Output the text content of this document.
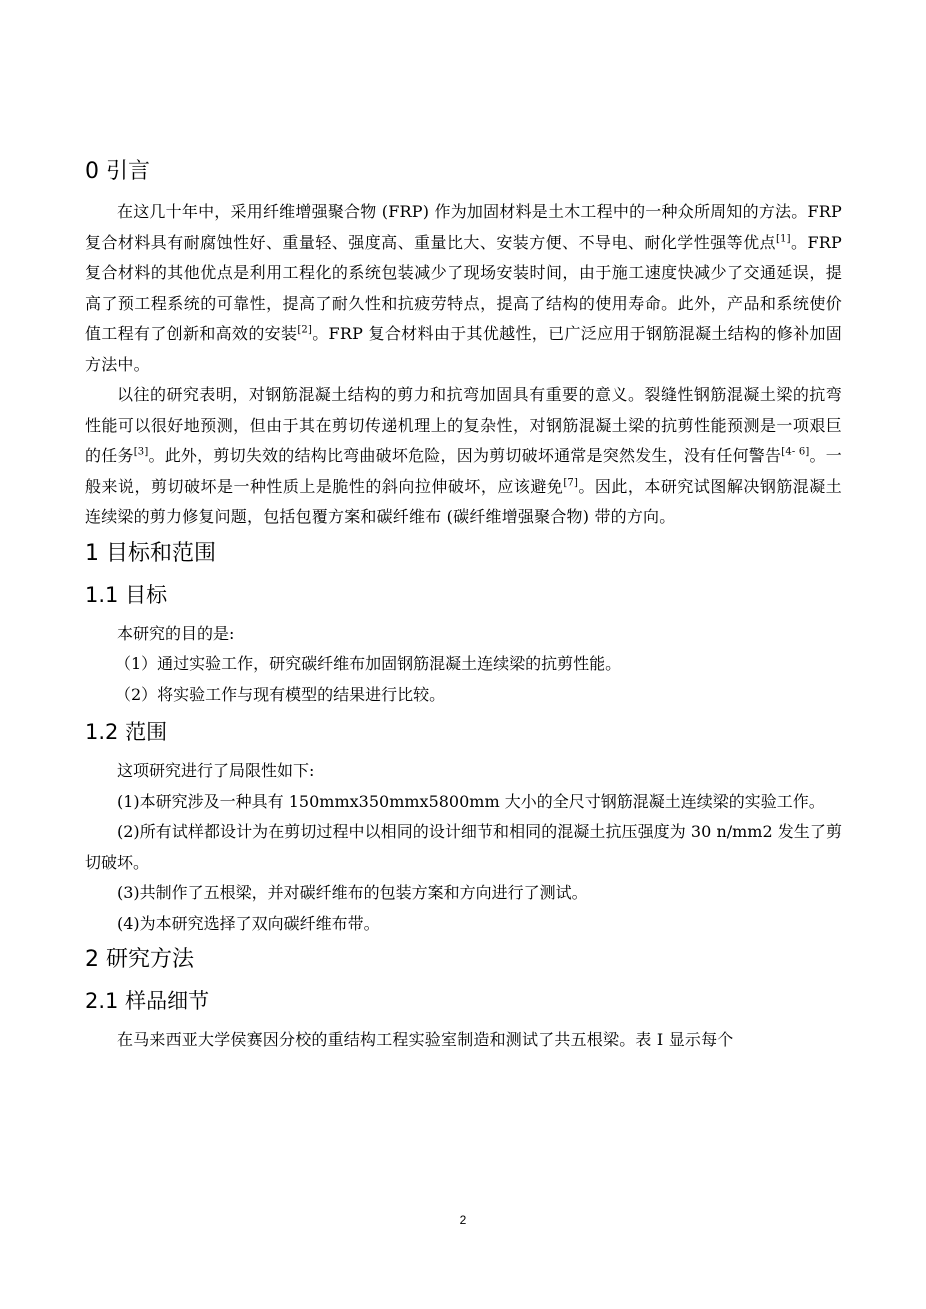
0 引言

在这几十年中，采用纤维增强聚合物 (FRP) 作为加固材料是土木工程中的一种众所周知的方法。FRP 复合材料具有耐腐蚀性好、重量轻、强度高、重量比大、安装方便、不导电、耐化学性强等优点[1]。FRP 复合材料的其他优点是利用工程化的系统包装减少了现场安装时间，由于施工速度快减少了交通延误，提高了预工程系统的可靠性，提高了耐久性和抗疲劳特点，提高了结构的使用寿命。此外，产品和系统使价值工程有了创新和高效的安装[2]。FRP 复合材料由于其优越性，已广泛应用于钢筋混凝土结构的修补加固方法中。

以往的研究表明，对钢筋混凝土结构的剪力和抗弯加固具有重要的意义。裂缝性钢筋混凝土梁的抗弯性能可以很好地预测，但由于其在剪切传递机理上的复杂性，对钢筋混凝土梁的抗剪性能预测是一项艰巨的任务[3]。此外，剪切失效的结构比弯曲破坏危险，因为剪切破坏通常是突然发生，没有任何警告[4- 6]。一般来说，剪切破坏是一种性质上是脆性的斜向拉伸破坏，应该避免[7]。因此，本研究试图解决钢筋混凝土连续梁的剪力修复问题，包括包覆方案和碳纤维布 (碳纤维增强聚合物) 带的方向。

1 目标和范围
1.1 目标

本研究的目的是:

（1）通过实验工作，研究碳纤维布加固钢筋混凝土连续梁的抗剪性能。

（2）将实验工作与现有模型的结果进行比较。

1.2 范围

这项研究进行了局限性如下:

(1)本研究涉及一种具有 150mmx350mmx5800mm 大小的全尺寸钢筋混凝土连续梁的实验工作。

(2)所有试样都设计为在剪切过程中以相同的设计细节和相同的混凝土抗压强度为 30 n/mm2 发生了剪切破坏。

(3)共制作了五根梁，并对碳纤维布的包装方案和方向进行了测试。

(4)为本研究选择了双向碳纤维布带。

2 研究方法
2.1 样品细节

在马来西亚大学侯赛因分校的重结构工程实验室制造和测试了共五根梁。表 I 显示每个

2
